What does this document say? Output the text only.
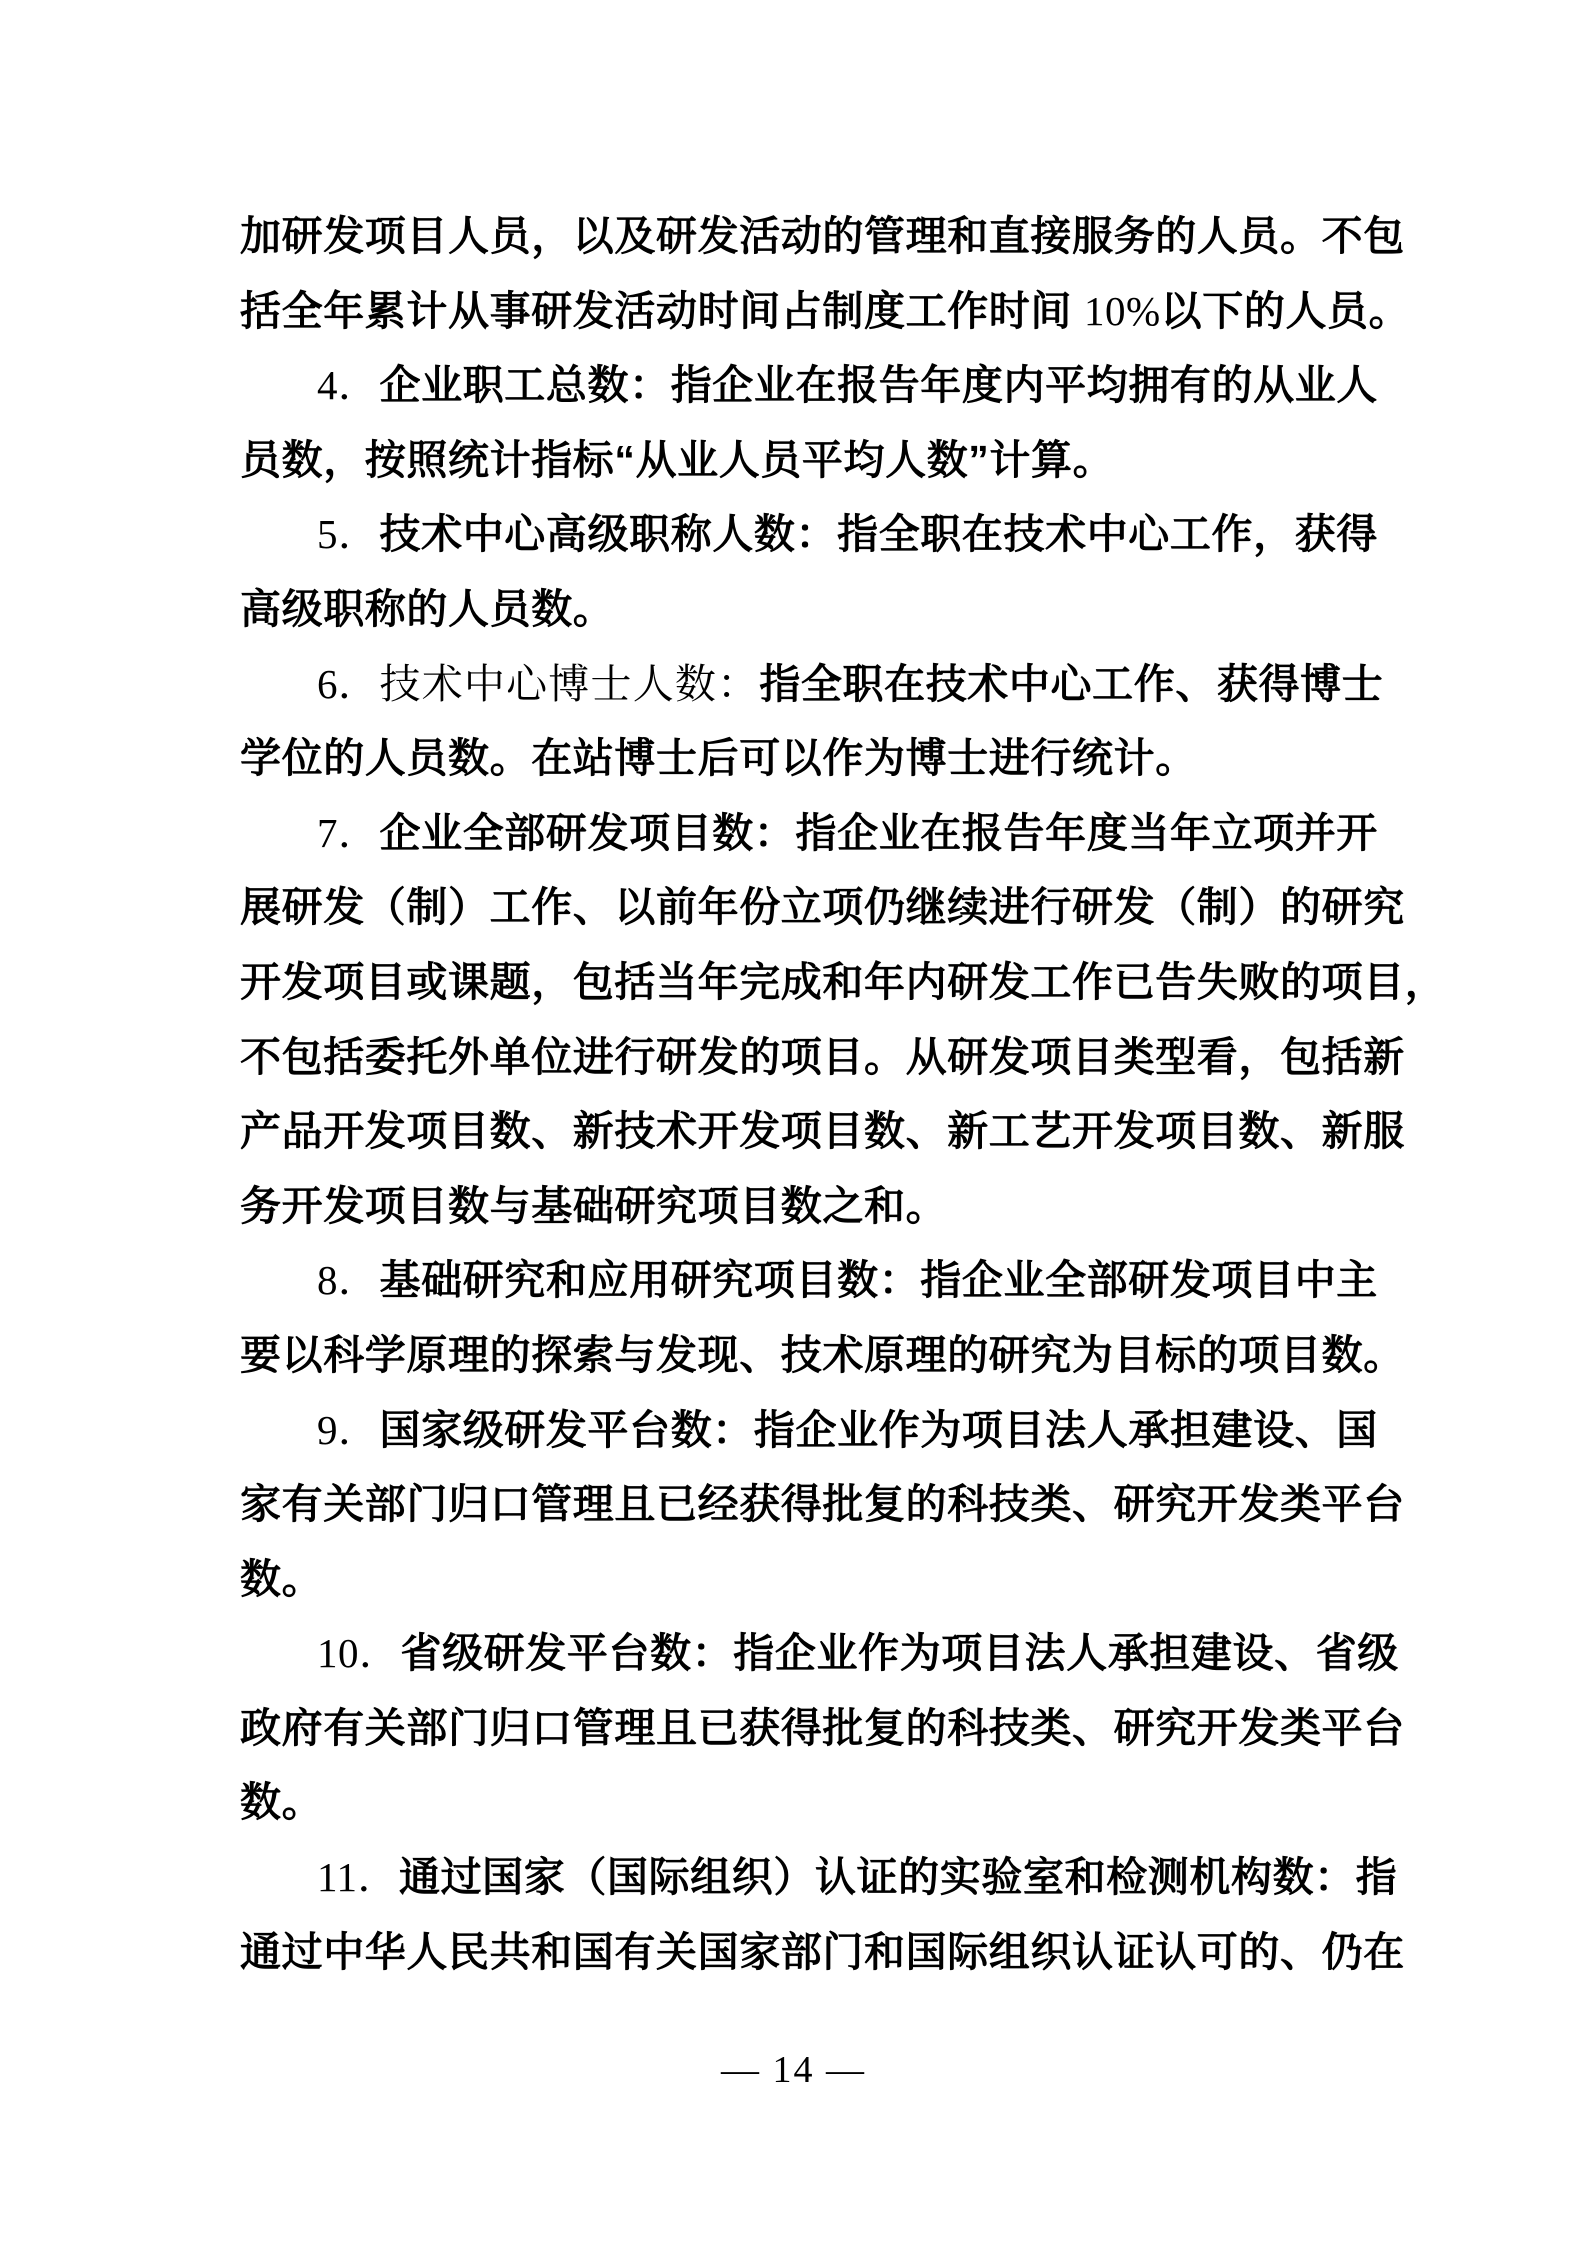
加研发项目人员，以及研发活动的管理和直接服务的人员。不包
括全年累计从事研发活动时间占制度工作时间 10%以下的人员。
4．企业职工总数：指企业在报告年度内平均拥有的从业人
员数，按照统计指标“从业人员平均人数”计算。
5．技术中心高级职称人数：指全职在技术中心工作，获得
高级职称的人员数。
6．技术中心博士人数：指全职在技术中心工作、获得博士
学位的人员数。在站博士后可以作为博士进行统计。
7．企业全部研发项目数：指企业在报告年度当年立项并开
展研发（制）工作、以前年份立项仍继续进行研发（制）的研究
开发项目或课题，包括当年完成和年内研发工作已告失败的项目，
不包括委托外单位进行研发的项目。从研发项目类型看，包括新
产品开发项目数、新技术开发项目数、新工艺开发项目数、新服
务开发项目数与基础研究项目数之和。
8．基础研究和应用研究项目数：指企业全部研发项目中主
要以科学原理的探索与发现、技术原理的研究为目标的项目数。
9．国家级研发平台数：指企业作为项目法人承担建设、国
家有关部门归口管理且已经获得批复的科技类、研究开发类平台
数。
10．省级研发平台数：指企业作为项目法人承担建设、省级
政府有关部门归口管理且已获得批复的科技类、研究开发类平台
数。
11．通过国家（国际组织）认证的实验室和检测机构数：指
通过中华人民共和国有关国家部门和国际组织认证认可的、仍在
— 14 —
